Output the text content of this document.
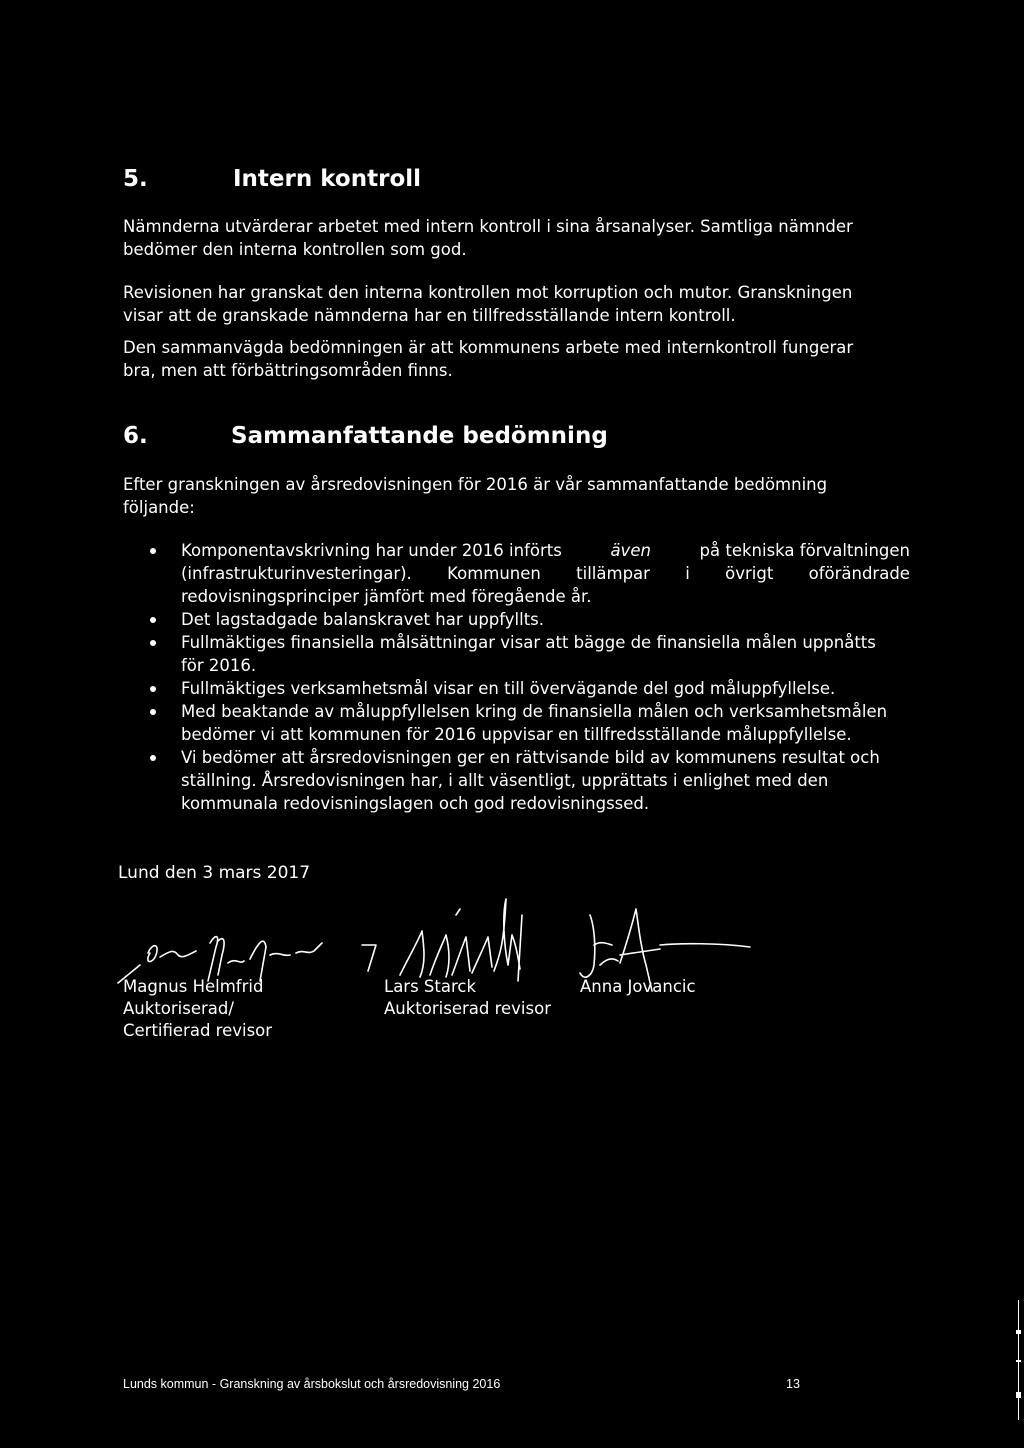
5.	Intern kontroll

Nämnderna utvärderar arbetet med intern kontroll i sina årsanalyser. Samtliga nämnder
bedömer den interna kontrollen som god.

Revisionen har granskat den interna kontrollen mot korruption och mutor. Granskningen
visar att de granskade nämnderna har en tillfredsställande intern kontroll.

Den sammanvägda bedömningen är att kommunens arbete med internkontroll fungerar
bra, men att förbättringsområden finns.

6.	Sammanfattande bedömning

Efter granskningen av årsredovisningen för 2016 är vår sammanfattande bedömning
följande:

Komponentavskrivning har under 2016 införts	även	på tekniska förvaltningen
(infrastrukturinvesteringar). Kommunen tillämpar i övrigt oförändrade
redovisningsprinciper jämfört med föregående år.
Det lagstadgade balanskravet har uppfyllts.
Fullmäktiges finansiella målsättningar visar att bägge de finansiella målen uppnåtts
för 2016.
Fullmäktiges verksamhetsmål visar en till övervägande del god måluppfyllelse.
Med beaktande av måluppfyllelsen kring de finansiella målen och verksamhetsmålen
bedömer vi att kommunen för 2016 uppvisar en tillfredsställande måluppfyllelse.
Vi bedömer att årsredovisningen ger en rättvisande bild av kommunens resultat och
ställning. Årsredovisningen har, i allt väsentligt, upprättats i enlighet med den
kommunala redovisningslagen och god redovisningssed.

Lund den 3 mars 2017

Magnus Helmfrid
Auktoriserad/
Certifierad revisor
Lars Starck
Auktoriserad revisor
Anna Jovancic
Lunds kommun - Granskning av årsbokslut och årsredovisning 2016	13
